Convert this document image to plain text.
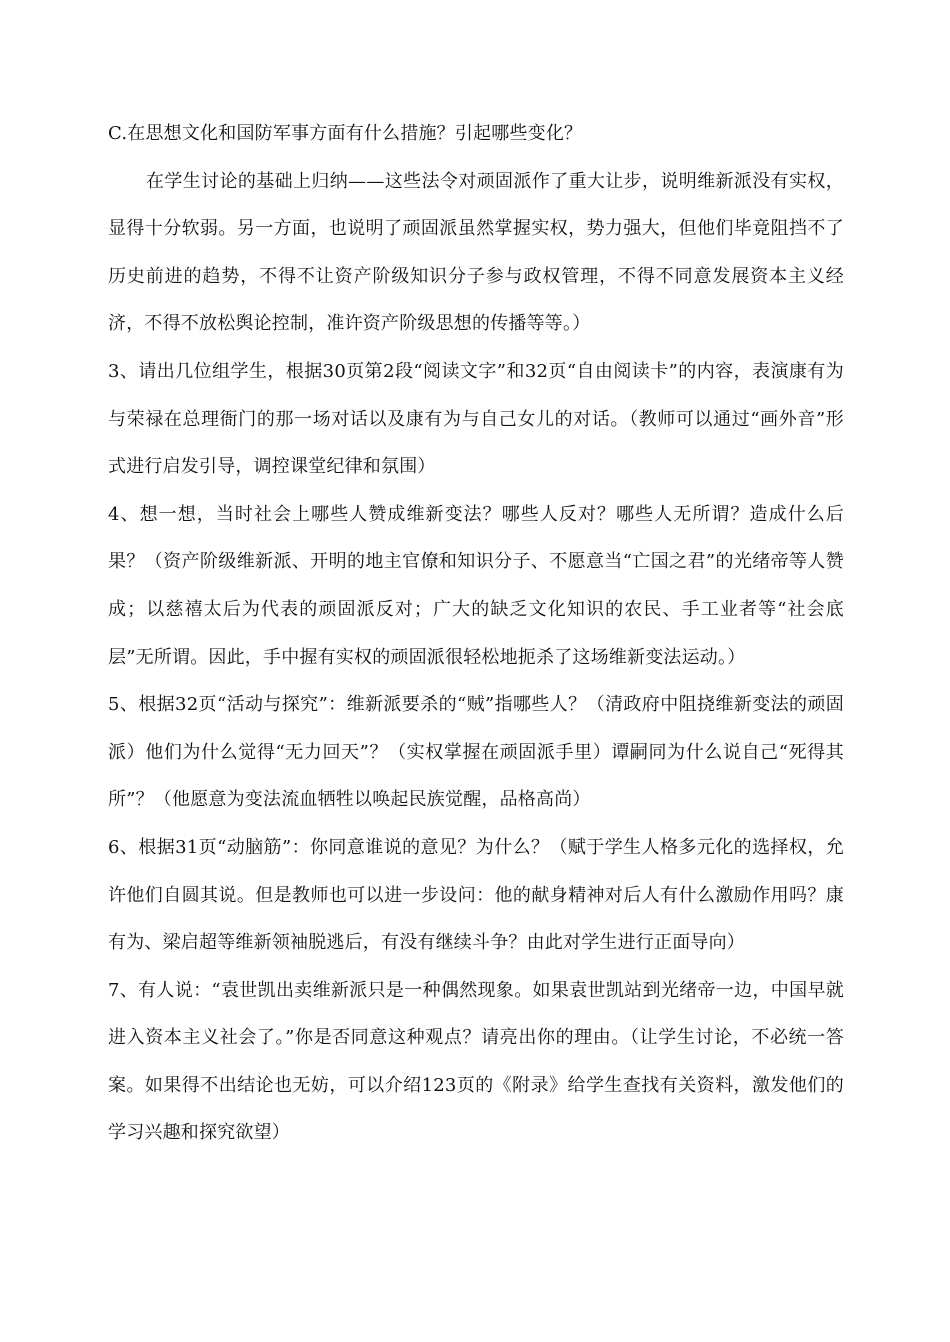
C.在思想文化和国防军事方面有什么措施？引起哪些变化？

在学生讨论的基础上归纳——这些法令对顽固派作了重大让步，说明维新派没有实权，显得十分软弱。另一方面，也说明了顽固派虽然掌握实权，势力强大，但他们毕竟阻挡不了历史前进的趋势，不得不让资产阶级知识分子参与政权管理，不得不同意发展资本主义经济，不得不放松舆论控制，准许资产阶级思想的传播等等。）

3、请出几位组学生，根据30页第2段“阅读文字”和32页“自由阅读卡”的内容，表演康有为与荣禄在总理衙门的那一场对话以及康有为与自己女儿的对话。（教师可以通过“画外音”形式进行启发引导，调控课堂纪律和氛围）

4、想一想，当时社会上哪些人赞成维新变法？哪些人反对？哪些人无所谓？造成什么后果？（资产阶级维新派、开明的地主官僚和知识分子、不愿意当“亡国之君”的光绪帝等人赞成；以慈禧太后为代表的顽固派反对；广大的缺乏文化知识的农民、手工业者等“社会底层”无所谓。因此，手中握有实权的顽固派很轻松地扼杀了这场维新变法运动。）

5、根据32页“活动与探究”：维新派要杀的“贼”指哪些人？（清政府中阻挠维新变法的顽固派）他们为什么觉得“无力回天”？（实权掌握在顽固派手里）谭嗣同为什么说自己“死得其所”？（他愿意为变法流血牺牲以唤起民族觉醒，品格高尚）

6、根据31页“动脑筋”：你同意谁说的意见？为什么？（赋于学生人格多元化的选择权，允许他们自圆其说。但是教师也可以进一步设问：他的献身精神对后人有什么激励作用吗？康有为、梁启超等维新领袖脱逃后，有没有继续斗争？由此对学生进行正面导向）

7、有人说：“袁世凯出卖维新派只是一种偶然现象。如果袁世凯站到光绪帝一边，中国早就进入资本主义社会了。”你是否同意这种观点？请亮出你的理由。（让学生讨论，不必统一答案。如果得不出结论也无妨，可以介绍123页的《附录》给学生查找有关资料，激发他们的学习兴趣和探究欲望）
